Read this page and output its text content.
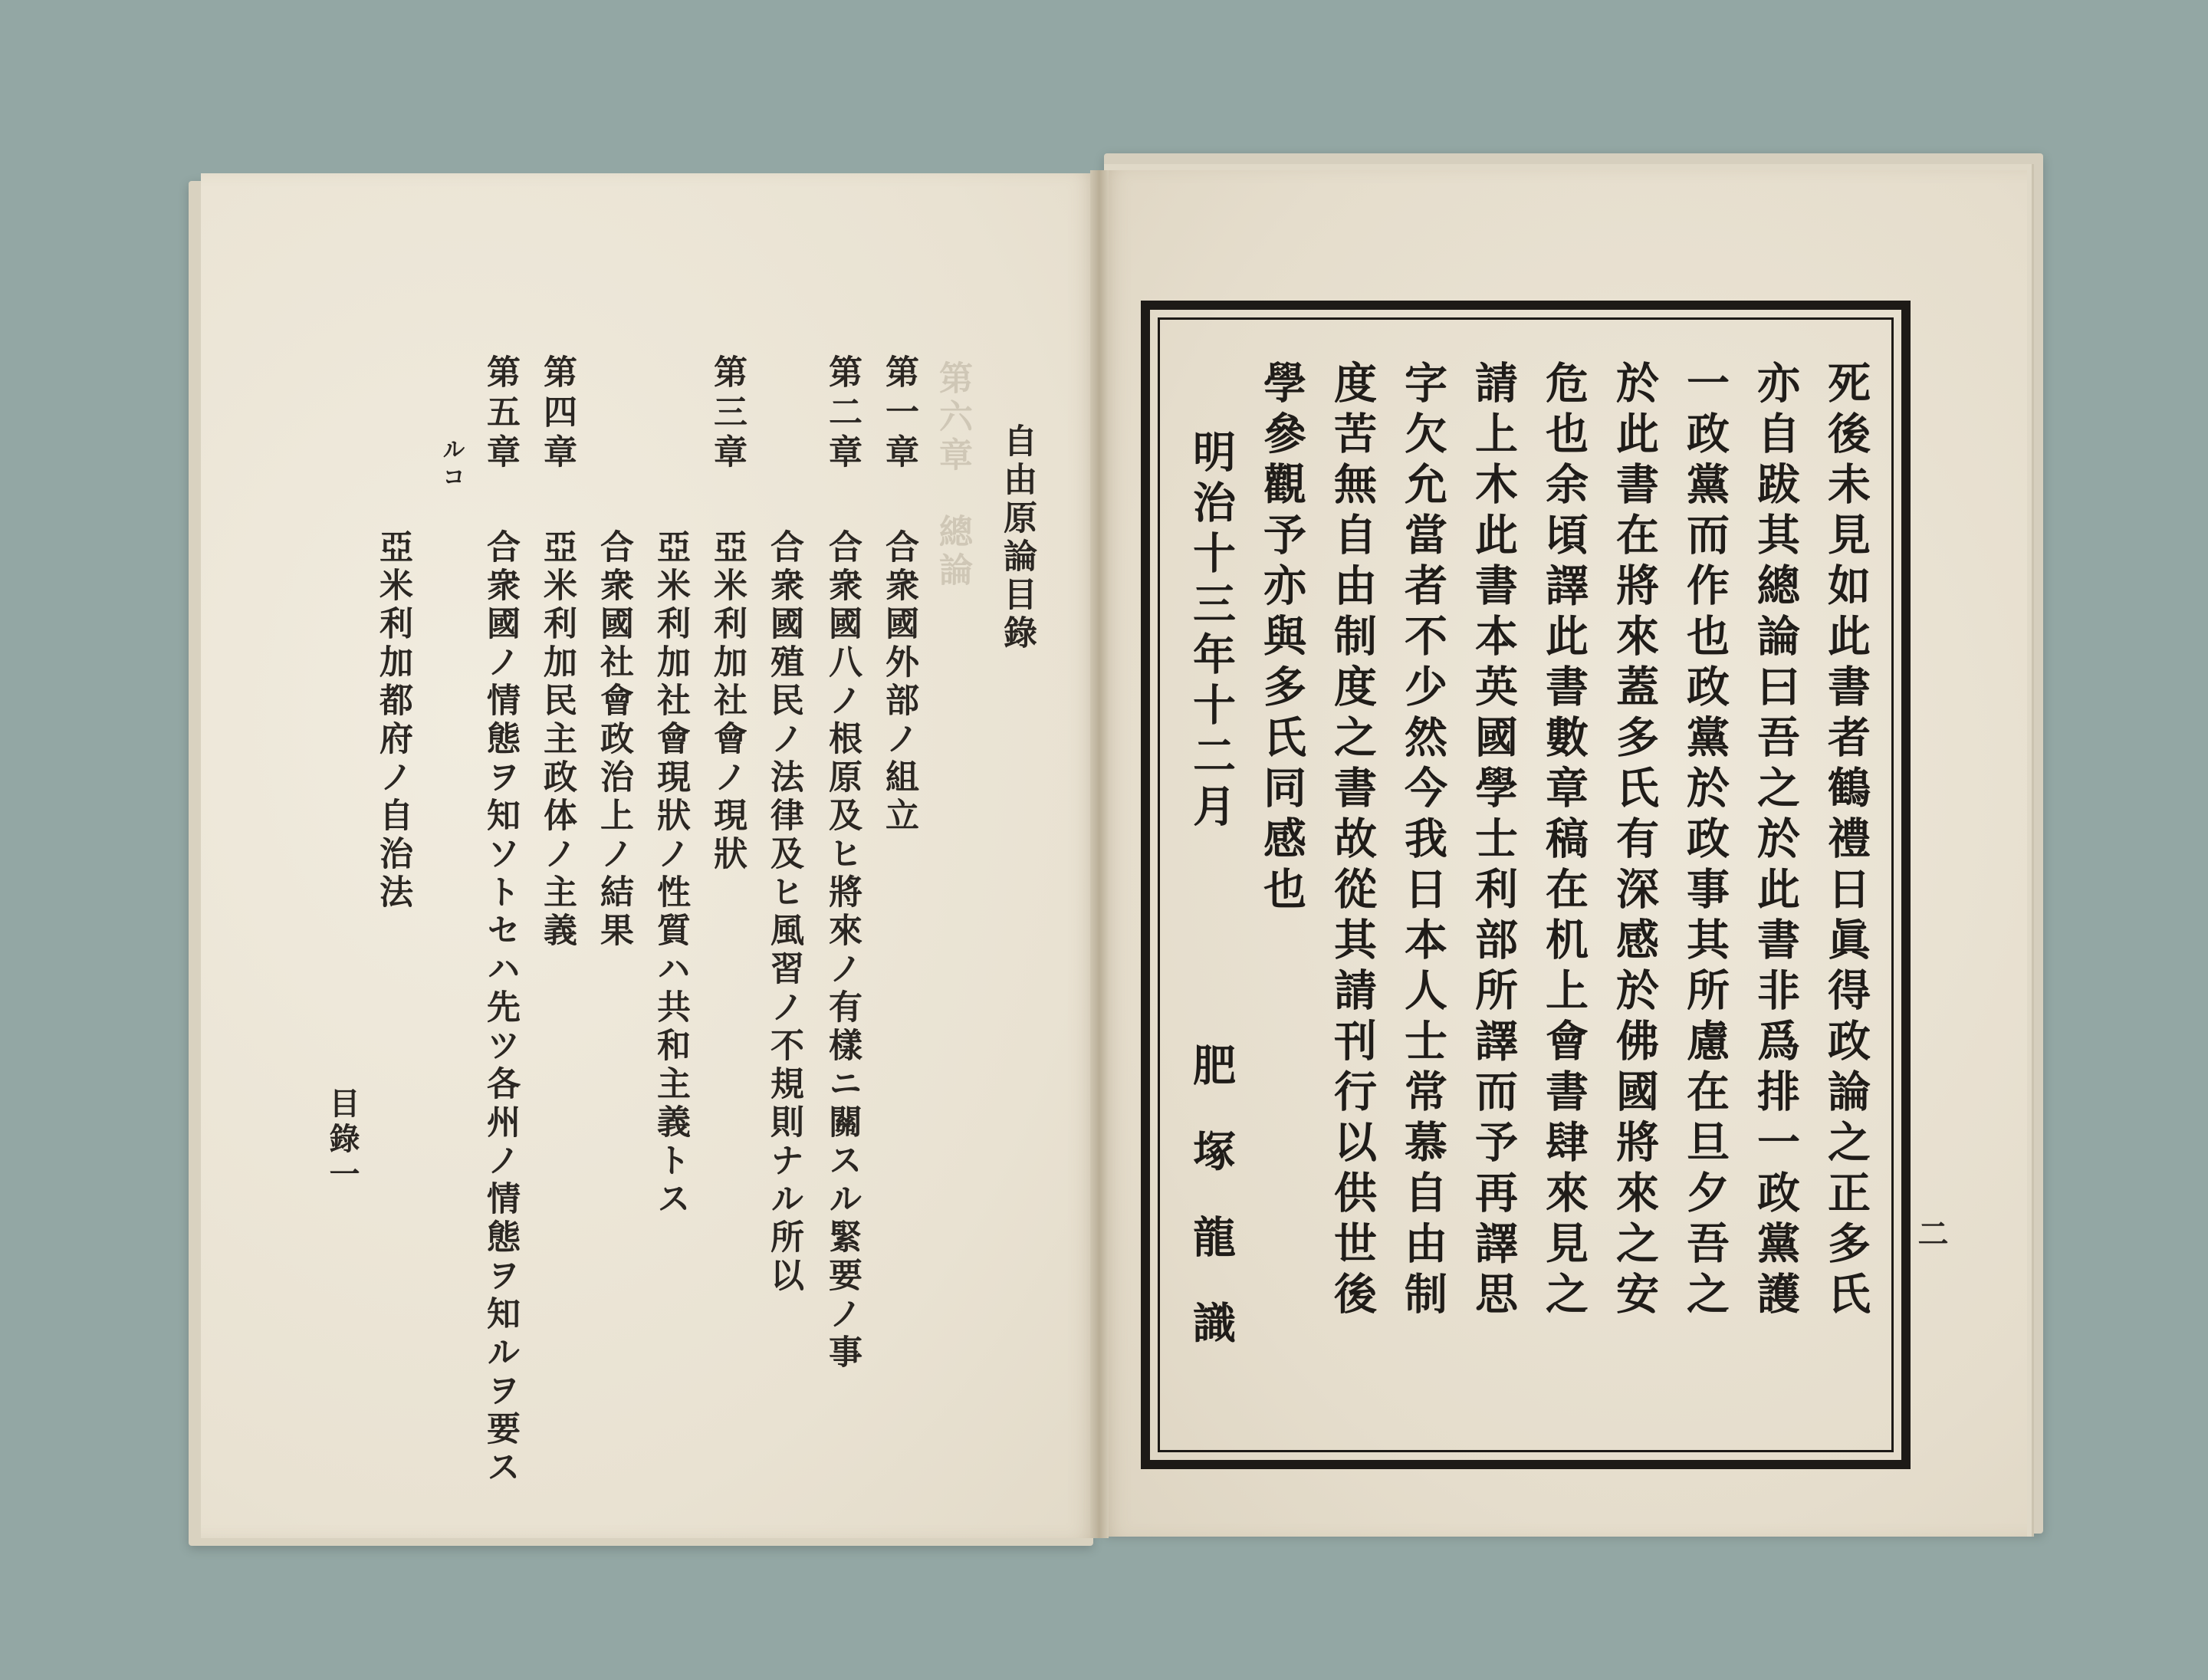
自由原論目錄
第六章　總論
第一章
合衆國外部ノ組立
第二章
合衆國八ノ根原及ヒ將來ノ有樣ニ關スル緊要ノ事
合衆國殖民ノ法律及ヒ風習ノ不規則ナル所以
第三章
亞米利加社會ノ現狀
亞米利加社會現狀ノ性質ハ共和主義トス
合衆國社會政治上ノ結果
第四章
亞米利加民主政体ノ主義
第五章
合衆國ノ情態ヲ知ソトセハ先ツ各州ノ情態ヲ知ルヲ要ス
ルコ
亞米利加都府ノ自治法
目錄一	死後未見如此書者鶴禮日眞得政論之正多氏
亦自跋其總論曰吾之於此書非爲排一政黨護
一政黨而作也政黨於政事其所慮在旦夕吾之
於此書在將來蓋多氏有深感於佛國將來之安
危也余頃譯此書數章稿在机上會書肆來見之
請上木此書本英國學士利部所譯而予再譯思
字欠允當者不少然今我日本人士常慕自由制
度苦無自由制度之書故從其請刊行以供世後
學參觀予亦與多氏同感也
明治十三年十二月
肥塚龍識	二
